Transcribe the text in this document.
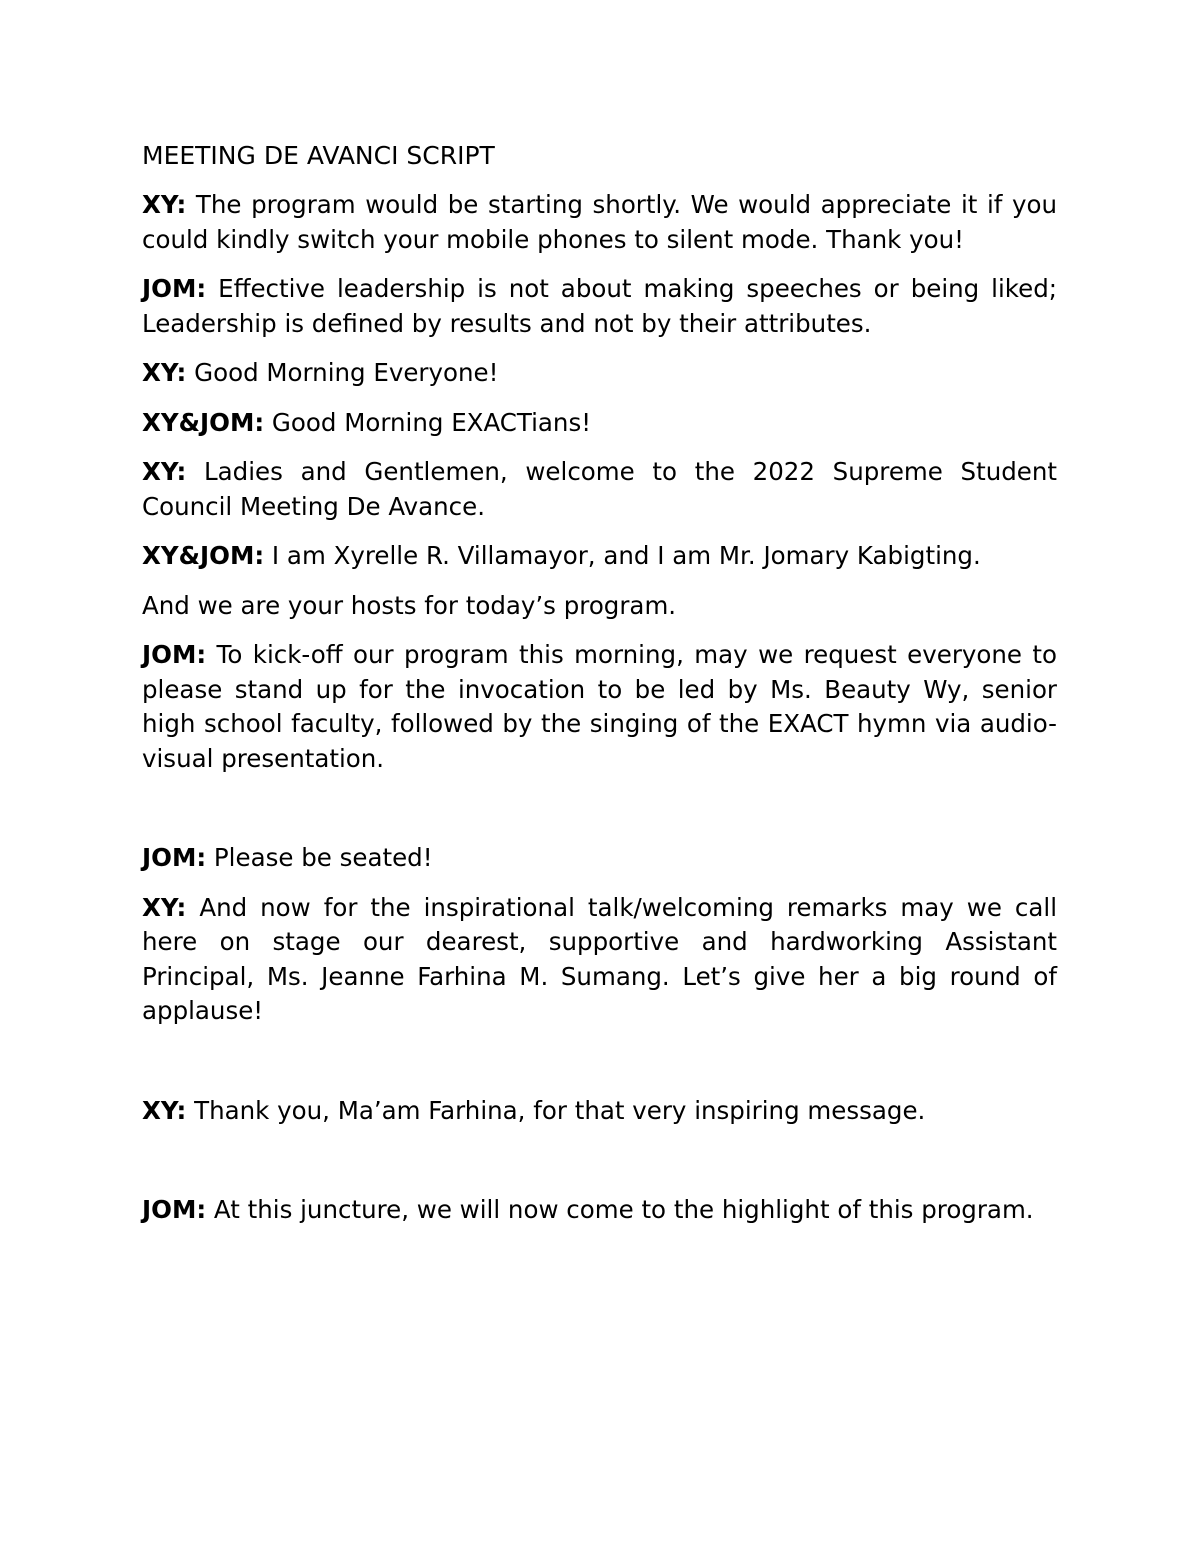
MEETING DE AVANCI SCRIPT

XY: The program would be starting shortly. We would appreciate it if you could kindly switch your mobile phones to silent mode. Thank you!

JOM: Effective leadership is not about making speeches or being liked; Leadership is defined by results and not by their attributes.

XY: Good Morning Everyone!

XY&JOM: Good Morning EXACTians!

XY: Ladies and Gentlemen, welcome to the 2022 Supreme Student Council Meeting De Avance.

XY&JOM: I am Xyrelle R. Villamayor, and I am Mr. Jomary Kabigting.

And we are your hosts for today’s program.

JOM: To kick-off our program this morning, may we request everyone to please stand up for the invocation to be led by Ms. Beauty Wy, senior high school faculty, followed by the singing of the EXACT hymn via audio-visual presentation.

JOM: Please be seated!

XY: And now for the inspirational talk/welcoming remarks may we call here on stage our dearest, supportive and hardworking Assistant Principal, Ms. Jeanne Farhina M. Sumang. Let’s give her a big round of applause!

XY: Thank you, Ma’am Farhina, for that very inspiring message.

JOM: At this juncture, we will now come to the highlight of this program.
